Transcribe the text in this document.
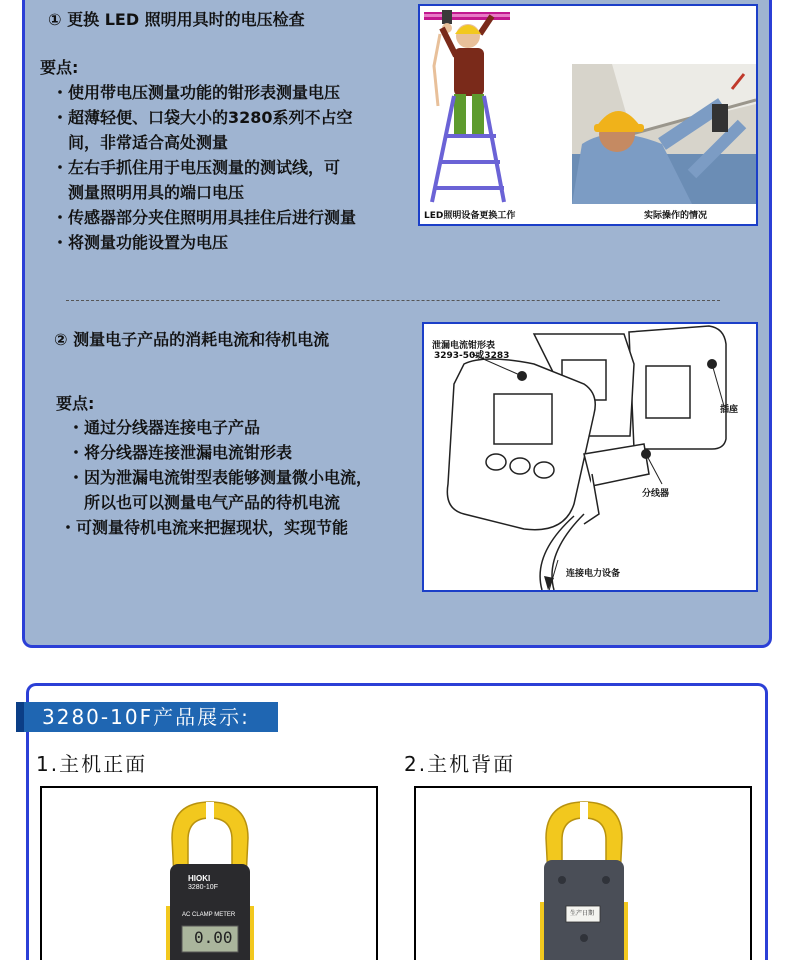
① 更换 LED 照明用具时的电压检查
要点:
・使用带电压测量功能的钳形表测量电压
・超薄轻便、口袋大小的3280系列不占空
间，非常适合高处测量
・左右手抓住用于电压测量的测试线，可
测量照明用具的端口电压
・传感器部分夹住照明用具挂住后进行测量
・将测量功能设置为电压
LED照明设备更换工作	实际操作的情况
② 测量电子产品的消耗电流和待机电流
要点:
・通过分线器连接电子产品
・将分线器连接泄漏电流钳形表
・因为泄漏电流钳型表能够测量微小电流，
所以也可以测量电气产品的待机电流
・可测量待机电流来把握现状，实现节能
泄漏电流钳形表
3293-50或3283
插座
分线器
连接电力设备
3280-10F产品展示:
1.主机正面	2.主机背面
HIOKI
3280-10F
AC CLAMP METER
0.00
生产日期
